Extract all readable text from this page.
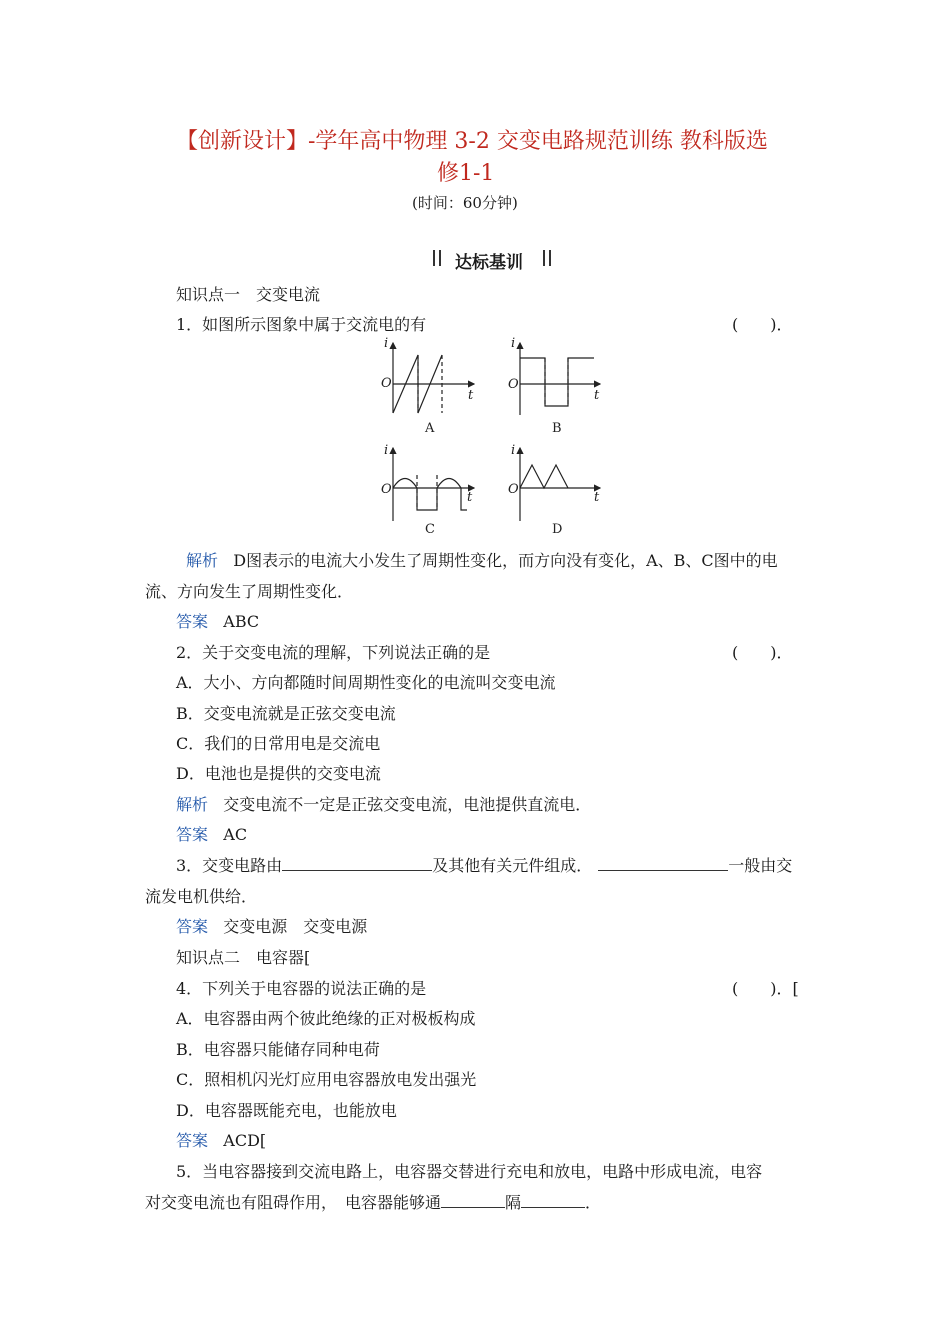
【创新设计】-学年高中物理 3-2 交变电路规范训练 教科版选
修1-1
(时间：60分钟)
达标基训
知识点一　交变电流
1．如图所示图象中属于交流电的有	(　　)．
i
t
O
i
t
O
i
t
O
i
t
O
A	B
C	D
解析 D图表示的电流大小发生了周期性变化，而方向没有变化，A、B、C图中的电
流、方向发生了周期性变化．
答案 ABC
2．关于交变电流的理解，下列说法正确的是	(　　)．
A．大小、方向都随时间周期性变化的电流叫交变电流
B．交变电流就是正弦交变电流
C．我们的日常用电是交流电
D．电池也是提供的交变电流
解析 交变电流不一定是正弦交变电流，电池提供直流电．
答案 AC
3．交变电路由	及其他有关元件组成．	一般由交
流发电机供给．
答案 交变电源　交变电源
知识点二　电容器[
4．下列关于电容器的说法正确的是	(　　)．[
A．电容器由两个彼此绝缘的正对极板构成
B．电容器只能储存同种电荷
C．照相机闪光灯应用电容器放电发出强光
D．电容器既能充电，也能放电
答案 ACD[
5．当电容器接到交流电路上，电容器交替进行充电和放电，电路中形成电流，电容
对交变电流也有阻碍作用，　电容器能够通	隔	．
